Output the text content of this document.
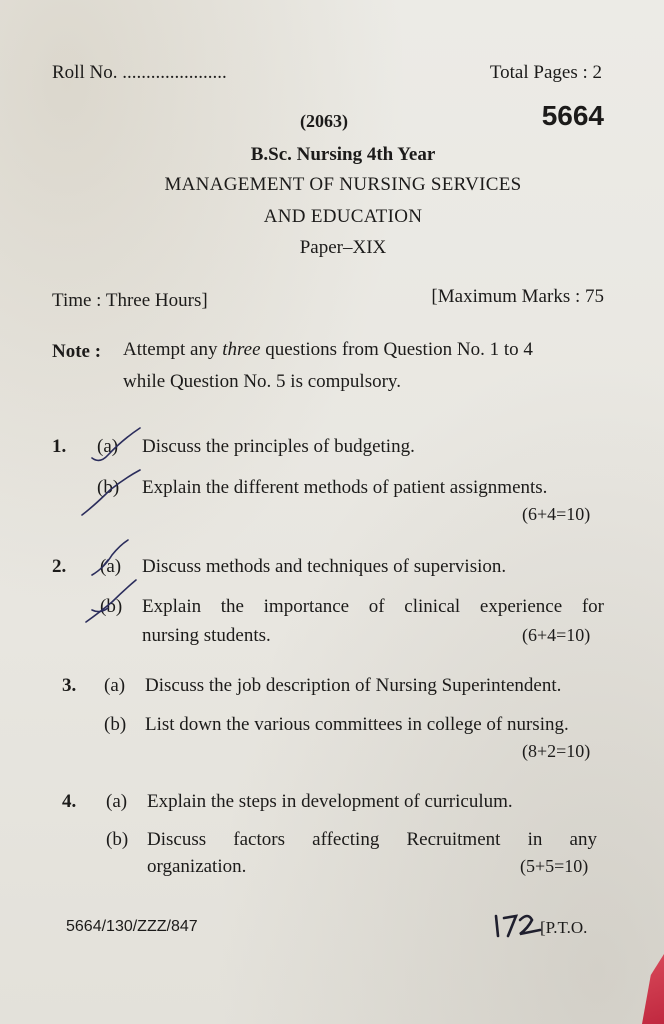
Roll No. ......................	Total Pages : 2
(2063)	5664
B.Sc. Nursing 4th Year
MANAGEMENT OF NURSING SERVICES
AND EDUCATION
Paper–XIX
Time : Three Hours]	[Maximum Marks : 75
Note : Attempt any three questions from Question No. 1 to 4
while Question No. 5 is compulsory.
1. (a) Discuss the principles of budgeting.
(b) Explain the different methods of patient assignments.
(6+4=10)
2. (a) Discuss methods and techniques of supervision.
(b) Explain the importance of clinical experience for
nursing students.	(6+4=10)
3. (a) Discuss the job description of Nursing Superintendent.
(b) List down the various committees in college of nursing.
(8+2=10)
4. (a) Explain the steps in development of curriculum.
(b) Discuss factors affecting Recruitment in any
organization.	(5+5=10)
5664/130/ZZZ/847	[P.T.O.
